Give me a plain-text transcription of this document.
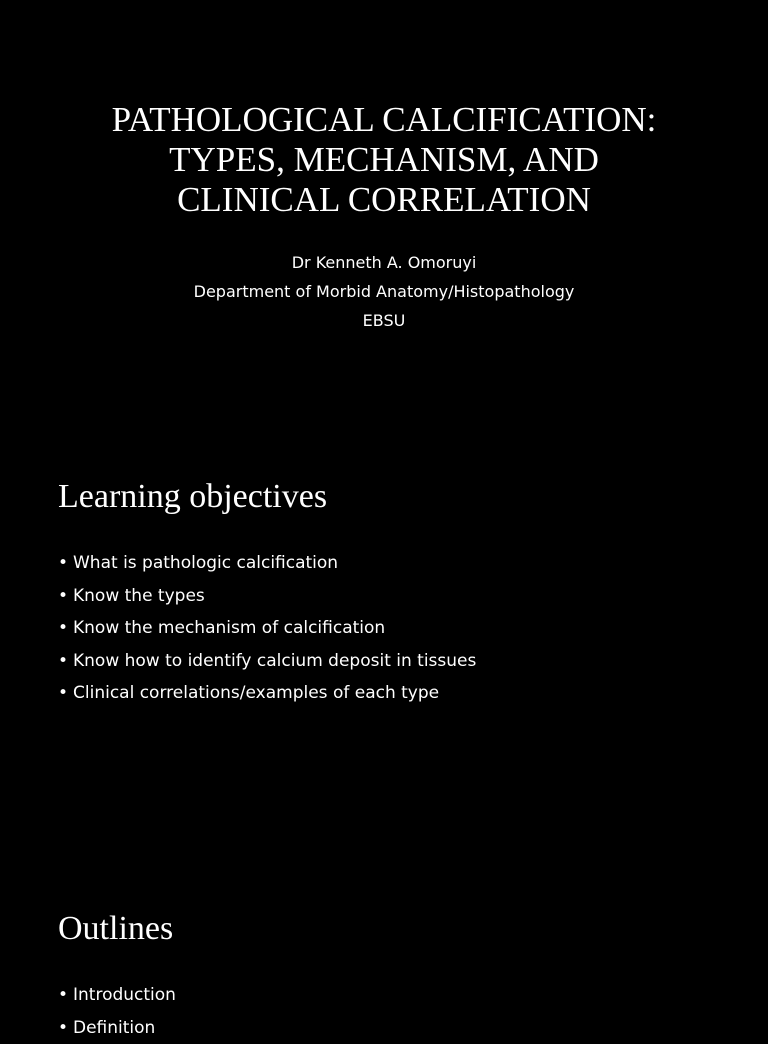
PATHOLOGICAL CALCIFICATION:
TYPES, MECHANISM, AND
CLINICAL CORRELATION
Dr Kenneth A. Omoruyi
Department of Morbid Anatomy/Histopathology
EBSU
Learning objectives
• What is pathologic calcification
• Know the types
• Know the mechanism of calcification
• Know how to identify calcium deposit in tissues
• Clinical correlations/examples of each type
Outlines
• Introduction
• Definition
